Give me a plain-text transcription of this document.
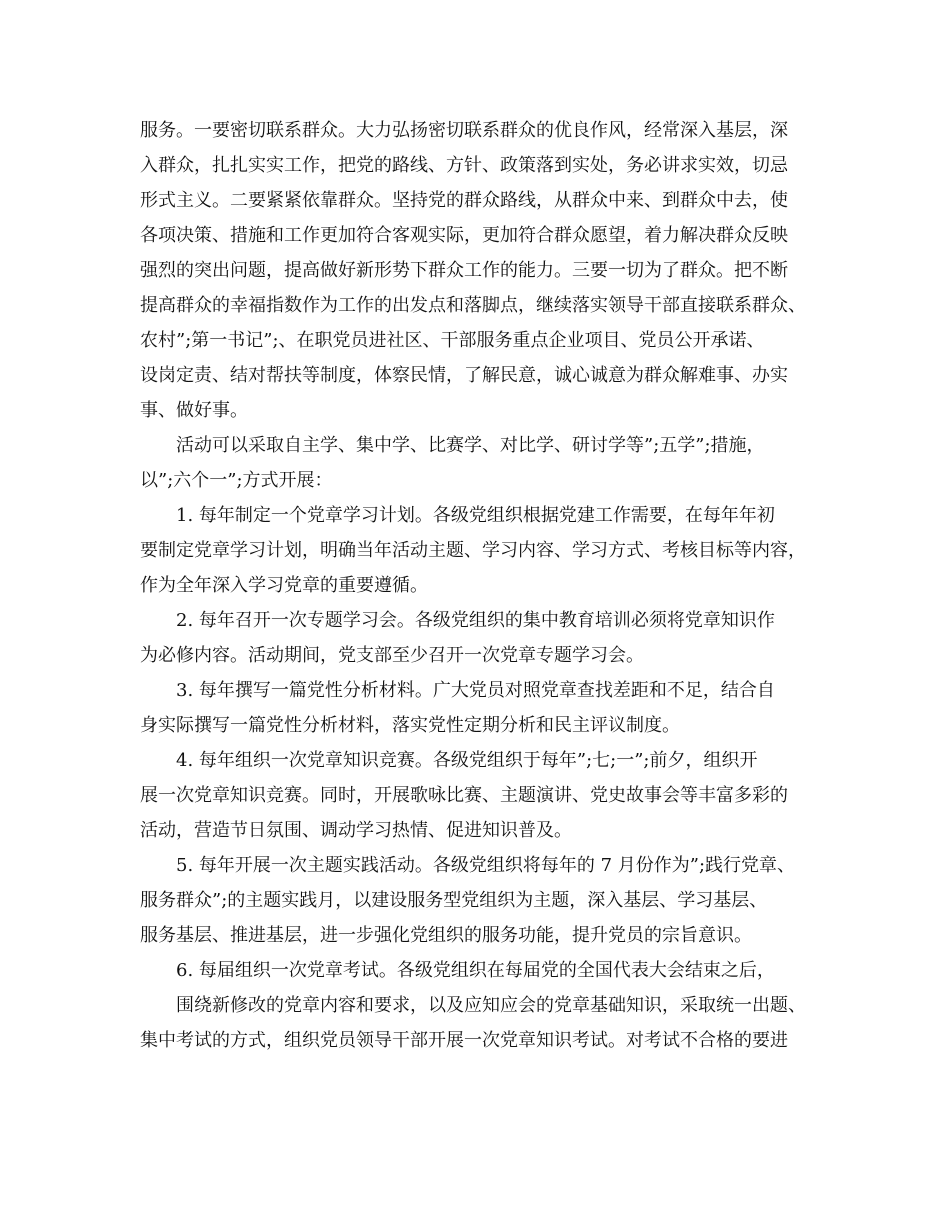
服务。一要密切联系群众。大力弘扬密切联系群众的优良作风，经常深入基层，深
入群众，扎扎实实工作，把党的路线、方针、政策落到实处，务必讲求实效，切忌
形式主义。二要紧紧依靠群众。坚持党的群众路线，从群众中来、到群众中去，使
各项决策、措施和工作更加符合客观实际，更加符合群众愿望，着力解决群众反映
强烈的突出问题，提高做好新形势下群众工作的能力。三要一切为了群众。把不断
提高群众的幸福指数作为工作的出发点和落脚点，继续落实领导干部直接联系群众、
农村”;第一书记”;、在职党员进社区、干部服务重点企业项目、党员公开承诺、
设岗定责、结对帮扶等制度，体察民情，了解民意，诚心诚意为群众解难事、办实
事、做好事。
活动可以采取自主学、集中学、比赛学、对比学、研讨学等”;五学”;措施，
以”;六个一”;方式开展：
1. 每年制定一个党章学习计划。各级党组织根据党建工作需要，在每年年初
要制定党章学习计划，明确当年活动主题、学习内容、学习方式、考核目标等内容，
作为全年深入学习党章的重要遵循。
2. 每年召开一次专题学习会。各级党组织的集中教育培训必须将党章知识作
为必修内容。活动期间，党支部至少召开一次党章专题学习会。
3. 每年撰写一篇党性分析材料。广大党员对照党章查找差距和不足，结合自
身实际撰写一篇党性分析材料，落实党性定期分析和民主评议制度。
4. 每年组织一次党章知识竞赛。各级党组织于每年”;七;一”;前夕，组织开
展一次党章知识竞赛。同时，开展歌咏比赛、主题演讲、党史故事会等丰富多彩的
活动，营造节日氛围、调动学习热情、促进知识普及。
5. 每年开展一次主题实践活动。各级党组织将每年的 7 月份作为”;践行党章、
服务群众”;的主题实践月，以建设服务型党组织为主题，深入基层、学习基层、
服务基层、推进基层，进一步强化党组织的服务功能，提升党员的宗旨意识。
6. 每届组织一次党章考试。各级党组织在每届党的全国代表大会结束之后，
围绕新修改的党章内容和要求，以及应知应会的党章基础知识，采取统一出题、
集中考试的方式，组织党员领导干部开展一次党章知识考试。对考试不合格的要进
